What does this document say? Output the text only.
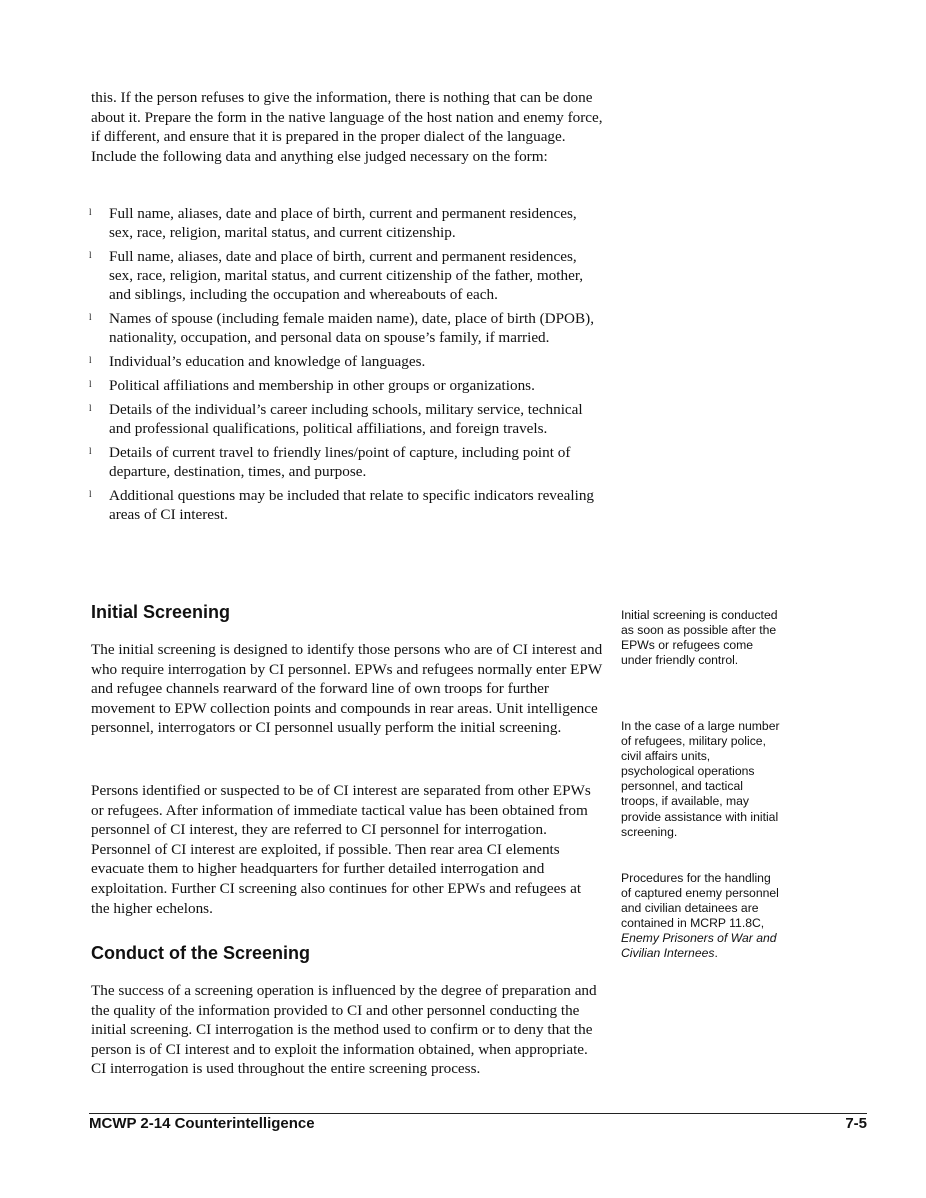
this. If the person refuses to give the information, there is nothing that can be done about it. Prepare the form in the native language of the host nation and enemy force, if different, and ensure that it is prepared in the proper dialect of the language. Include the following data and anything else judged necessary on the form:

l Full name, aliases, date and place of birth, current and permanent residences, sex, race, religion, marital status, and current citizenship.
l Full name, aliases, date and place of birth, current and permanent residences, sex, race, religion, marital status, and current citizenship of the father, mother, and siblings, including the occupation and whereabouts of each.
l Names of spouse (including female maiden name), date, place of birth (DPOB), nationality, occupation, and personal data on spouse’s family, if married.
l Individual’s education and knowledge of languages.
l Political affiliations and membership in other groups or organizations.
l Details of the individual’s career including schools, military service, technical and professional qualifications, political affiliations, and foreign travels.
l Details of current travel to friendly lines/point of capture, including point of departure, destination, times, and purpose.
l Additional questions may be included that relate to specific indicators revealing areas of CI interest.
Initial Screening

The initial screening is designed to identify those persons who are of CI interest and who require interrogation by CI personnel. EPWs and refugees normally enter EPW and refugee channels rearward of the forward line of own troops for further movement to EPW collection points and compounds in rear areas. Unit intelligence personnel, interrogators or CI personnel usually perform the initial screening.

Persons identified or suspected to be of CI interest are separated from other EPWs or refugees. After information of immediate tactical value has been obtained from personnel of CI interest, they are referred to CI personnel for interrogation. Personnel of CI interest are exploited, if possible. Then rear area CI elements evacuate them to higher headquarters for further detailed interrogation and exploitation. Further CI screening also continues for other EPWs and refugees at the higher echelons.

Conduct of the Screening

The success of a screening operation is influenced by the degree of preparation and the quality of the information provided to CI and other personnel conducting the initial screening. CI interrogation is the method used to confirm or to deny that the person is of CI interest and to exploit the information obtained, when appropriate. CI interrogation is used throughout the entire screening process.

Initial screening is conducted as soon as possible after the EPWs or refugees come under friendly control.

In the case of a large number of refugees, military police, civil affairs units, psychological operations personnel, and tactical troops, if available, may provide assistance with initial screening.

Procedures for the handling of captured enemy personnel and civilian detainees are contained in MCRP 11.8C, Enemy Prisoners of War and Civilian Internees.

MCWP 2-14 Counterintelligence	7-5
